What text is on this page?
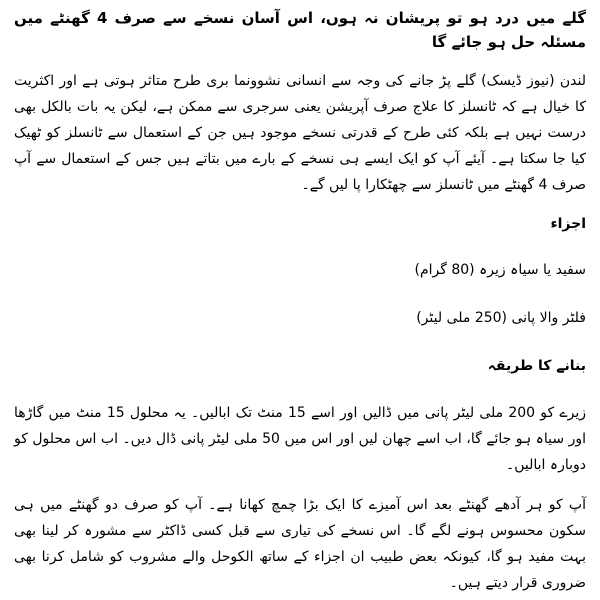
گلے میں درد ہو تو پریشان نہ ہوں، اس آسان نسخے سے صرف 4 گھنٹے میں مسئلہ حل ہو جائے گا
لندن (نیوز ڈیسک) گلے پڑ جانے کی وجہ سے انسانی نشوونما بری طرح متاثر ہوتی ہے اور اکثریت کا خیال ہے کہ ٹانسلز کا علاج صرف آپریشن یعنی سرجری سے ممکن ہے، لیکن یہ بات بالکل بھی درست نہیں ہے بلکہ کئی طرح کے قدرتی نسخے موجود ہیں جن کے استعمال سے ٹانسلز کو ٹھیک کیا جا سکتا ہے۔ آیئے آپ کو ایک ایسے ہی نسخے کے بارے میں بتاتے ہیں جس کے استعمال سے آپ صرف 4 گھنٹے میں ٹانسلز سے چھٹکارا پا لیں گے۔
اجزاء
سفید یا سیاہ زیرہ (80 گرام)
فلٹر والا پانی (250 ملی لیٹر)
بنانے کا طریقہ
زیرے کو 200 ملی لیٹر پانی میں ڈالیں اور اسے 15 منٹ تک ابالیں۔ یہ محلول 15 منٹ میں گاڑھا اور سیاہ ہو جائے گا، اب اسے چھان لیں اور اس میں 50 ملی لیٹر پانی ڈال دیں۔ اب اس محلول کو دوبارہ ابالیں۔
آپ کو ہر آدھے گھنٹے بعد اس آمیزے کا ایک بڑا چمچ کھانا ہے۔ آپ کو صرف دو گھنٹے میں ہی سکون محسوس ہونے لگے گا۔ اس نسخے کی تیاری سے قبل کسی ڈاکٹر سے مشورہ کر لینا بھی بہت مفید ہو گا، کیونکہ بعض طبیب ان اجزاء کے ساتھ الکوحل والے مشروب کو شامل کرنا بھی ضروری قرار دیتے ہیں۔
